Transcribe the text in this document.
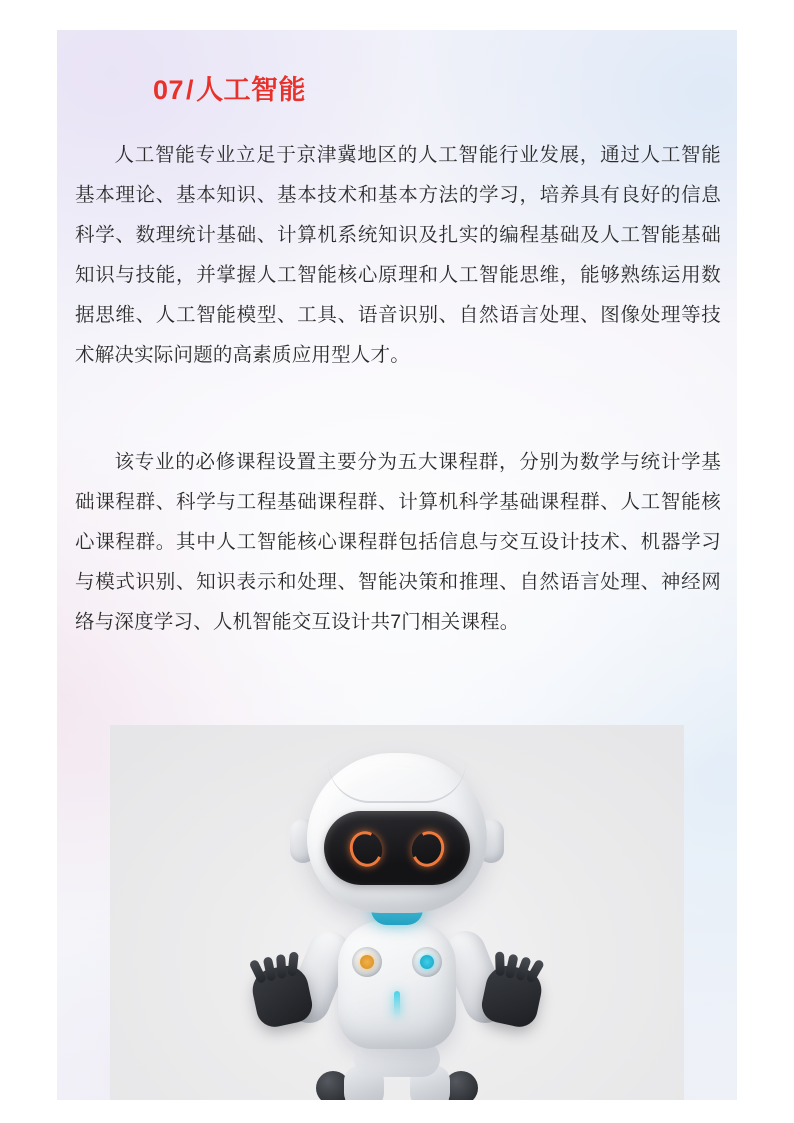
07/人工智能
人工智能专业立足于京津冀地区的人工智能行业发展，通过人工智能基本理论、基本知识、基本技术和基本方法的学习，培养具有良好的信息科学、数理统计基础、计算机系统知识及扎实的编程基础及人工智能基础知识与技能，并掌握人工智能核心原理和人工智能思维，能够熟练运用数据思维、人工智能模型、工具、语音识别、自然语言处理、图像处理等技术解决实际问题的高素质应用型人才。
该专业的必修课程设置主要分为五大课程群，分别为数学与统计学基础课程群、科学与工程基础课程群、计算机科学基础课程群、人工智能核心课程群。其中人工智能核心课程群包括信息与交互设计技术、机器学习与模式识别、知识表示和处理、智能决策和推理、自然语言处理、神经网络与深度学习、人机智能交互设计共7门相关课程。
